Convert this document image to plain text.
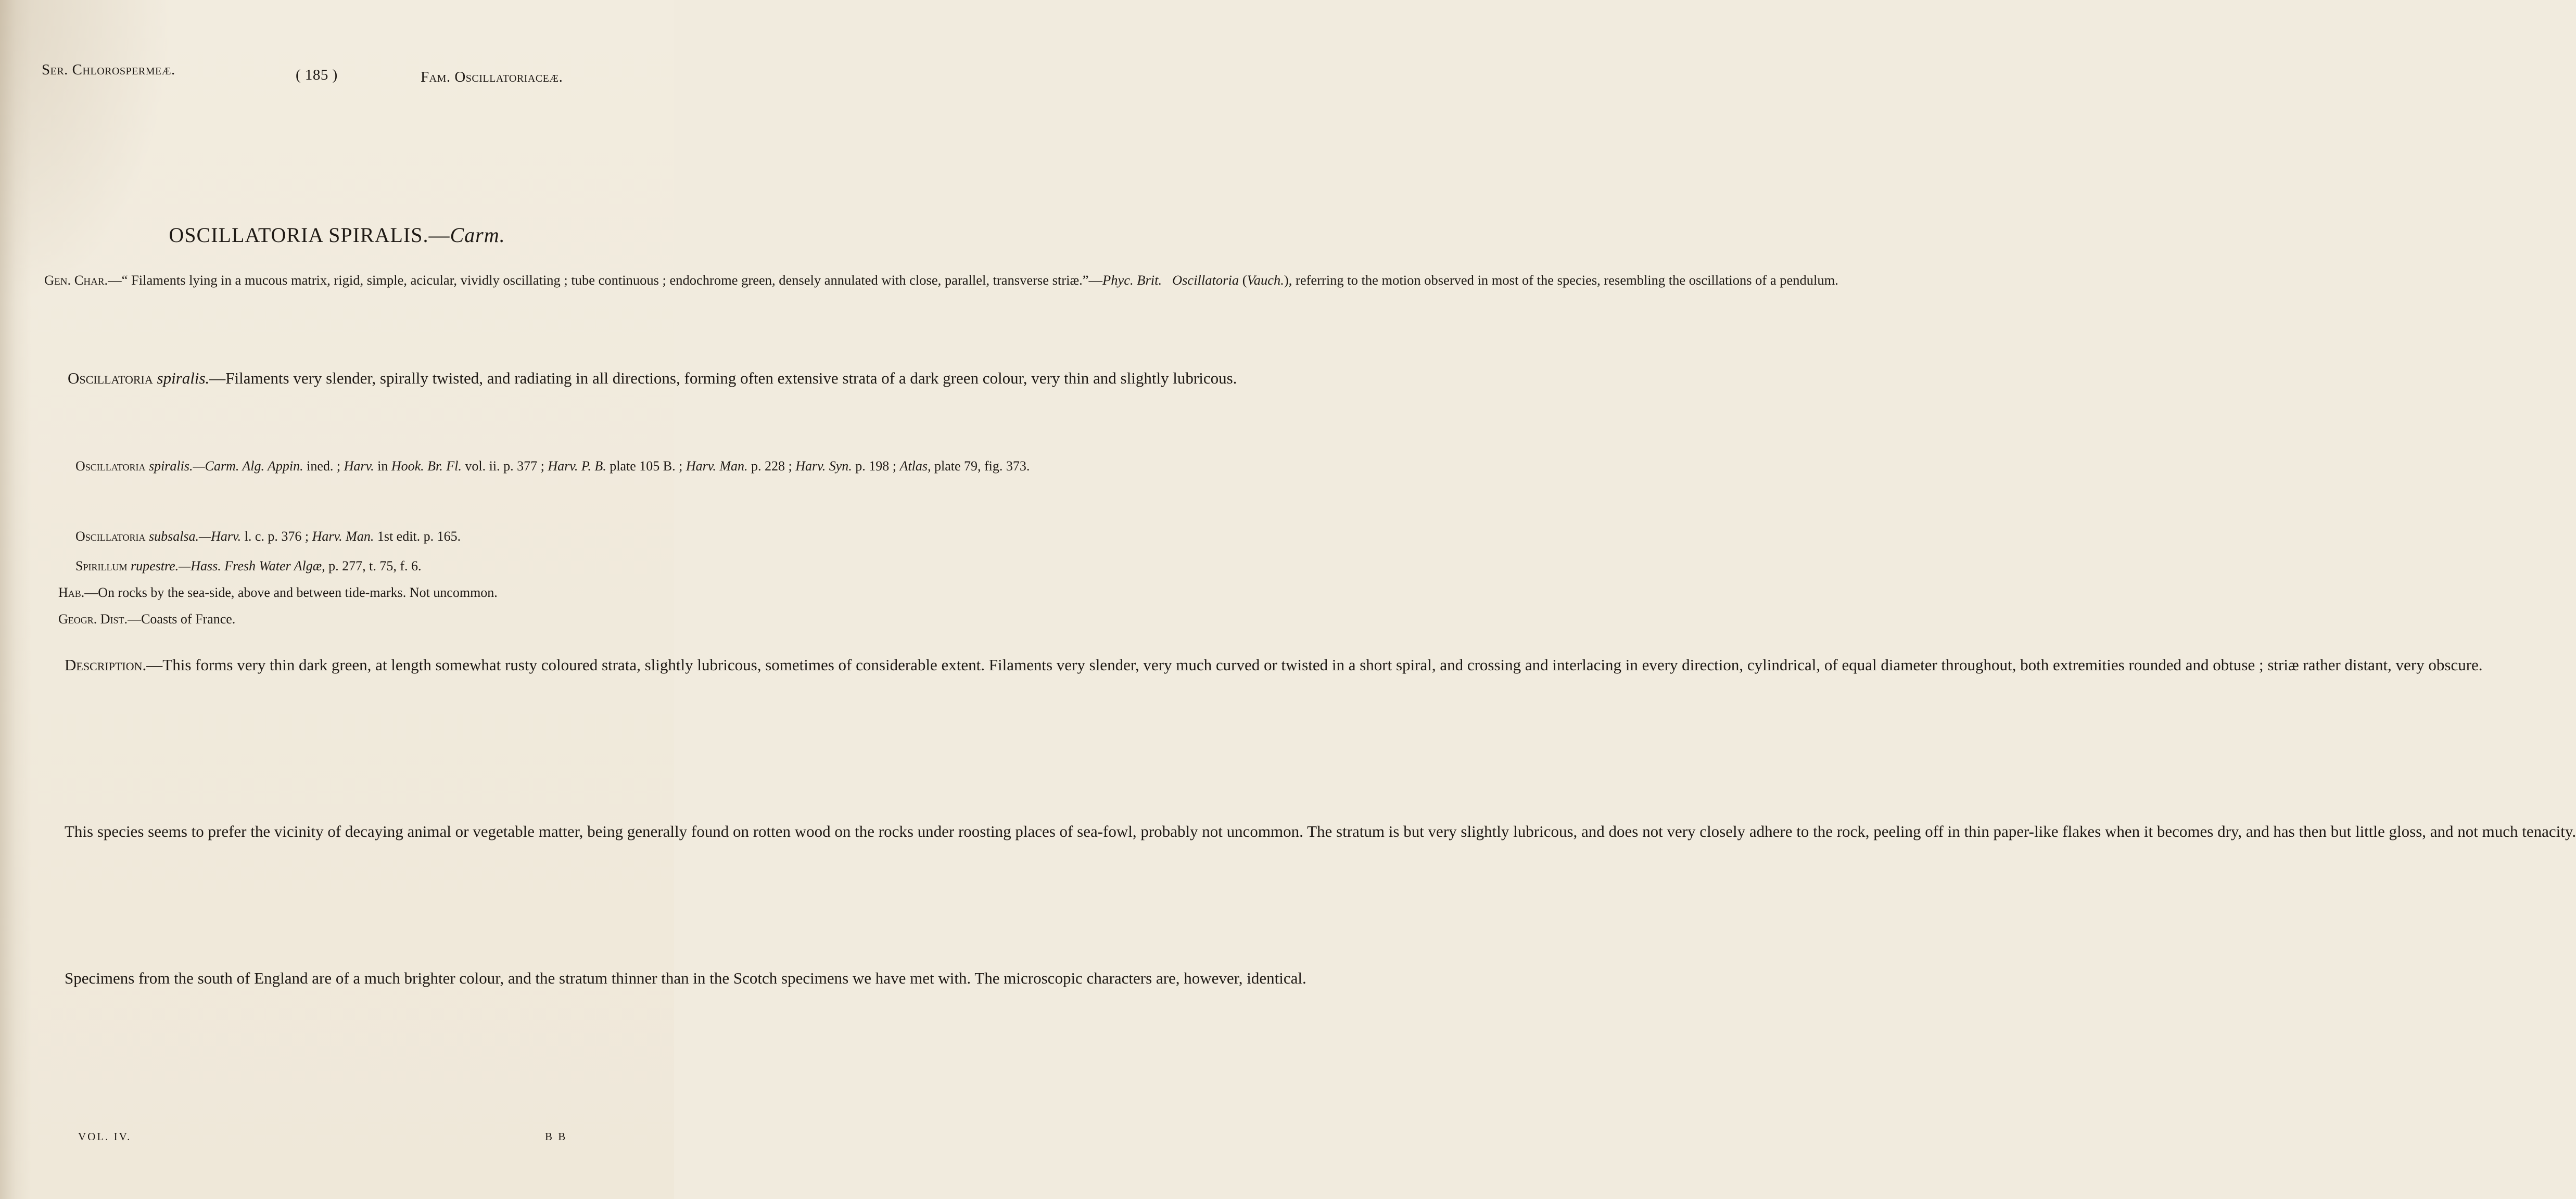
Ser. Chlorospermeæ.	( 185 )	Fam. Oscillatoriaceæ.
OSCILLATORIA SPIRALIS.—Carm.

Gen. Char.—“ Filaments lying in a mucous matrix, rigid, simple, acicular, vividly oscillating ; tube continuous ; endochrome green, densely annulated with close, parallel, transverse striæ.”—Phyc. Brit. Oscillatoria (Vauch.), referring to the motion observed in most of the species, resembling the oscillations of a pendulum.

Oscillatoria spiralis.—Filaments very slender, spirally twisted, and radiating in all directions, forming often extensive strata of a dark green colour, very thin and slightly lubricous.

Oscillatoria spiralis.—Carm. Alg. Appin. ined. ; Harv. in Hook. Br. Fl. vol. ii. p. 377 ; Harv. P. B. plate 105 B. ; Harv. Man. p. 228 ; Harv. Syn. p. 198 ; Atlas, plate 79, fig. 373.

Oscillatoria subsalsa.—Harv. l. c. p. 376 ; Harv. Man. 1st edit. p. 165.

Spirillum rupestre.—Hass. Fresh Water Algæ, p. 277, t. 75, f. 6.

Hab.—On rocks by the sea-side, above and between tide-marks. Not uncommon.
Geogr. Dist.—Coasts of France.

Description.—This forms very thin dark green, at length somewhat rusty coloured strata, slightly lubricous, sometimes of considerable extent. Filaments very slender, very much curved or twisted in a short spiral, and crossing and interlacing in every direction, cylindrical, of equal diameter throughout, both extremities rounded and obtuse ; striæ rather distant, very obscure.

This species seems to prefer the vicinity of decaying animal or vegetable matter, being generally found on rotten wood on the rocks under roosting places of sea-fowl, probably not uncommon. The stratum is but very slightly lubricous, and does not very closely adhere to the rock, peeling off in thin paper-like flakes when it becomes dry, and has then but little gloss, and not much tenacity.

Specimens from the south of England are of a much brighter colour, and the stratum thinner than in the Scotch specimens we have met with. The microscopic characters are, however, identical.

VOL. IV.	B B
